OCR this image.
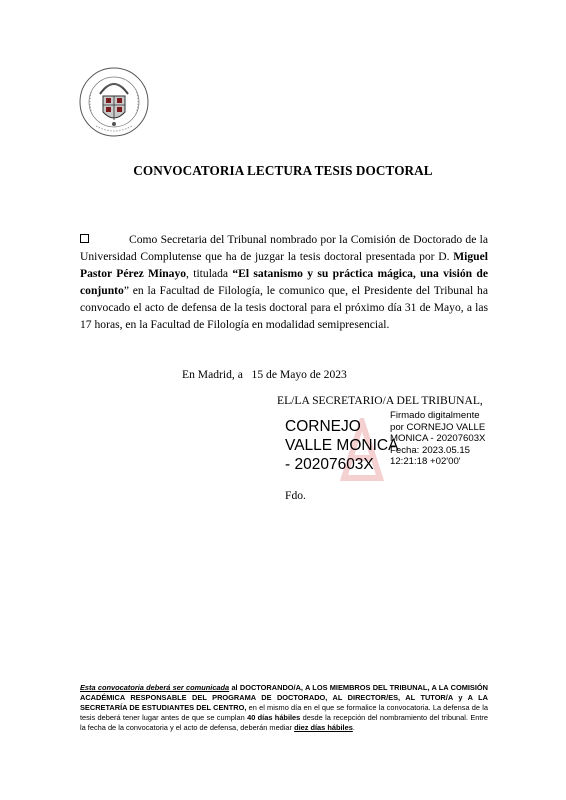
CONVOCATORIA LECTURA TESIS DOCTORAL
Como Secretaria del Tribunal nombrado por la Comisión de Doctorado de la Universidad Complutense que ha de juzgar la tesis doctoral presentada por D. Miguel Pastor Pérez Minayo, titulada “El satanismo y su práctica mágica, una visión de conjunto” en la Facultad de Filología, le comunico que, el Presidente del Tribunal ha convocado el acto de defensa de la tesis doctoral para el próximo día 31 de Mayo, a las 17 horas, en la Facultad de Filología en modalidad semipresencial.
En Madrid, a   15 de Mayo de 2023
EL/LA SECRETARIO/A DEL TRIBUNAL,
CORNEJO
VALLE MONICA
- 20207603X
Firmado digitalmente
por CORNEJO VALLE
MONICA - 20207603X
Fecha: 2023.05.15
12:21:18 +02'00'
Fdo.
Esta convocatoria deberá ser comunicada al DOCTORANDO/A, A LOS MIEMBROS DEL TRIBUNAL, A LA COMISIÓN ACADÉMICA RESPONSABLE DEL PROGRAMA DE DOCTORADO, AL DIRECTOR/ES, AL TUTOR/A y A LA SECRETARÍA DE ESTUDIANTES DEL CENTRO, en el mismo día en el que se formalice la convocatoria. La defensa de la tesis deberá tener lugar antes de que se cumplan 40 días hábiles desde la recepción del nombramiento del tribunal. Entre la fecha de la convocatoria y el acto de defensa, deberán mediar diez días hábiles.
